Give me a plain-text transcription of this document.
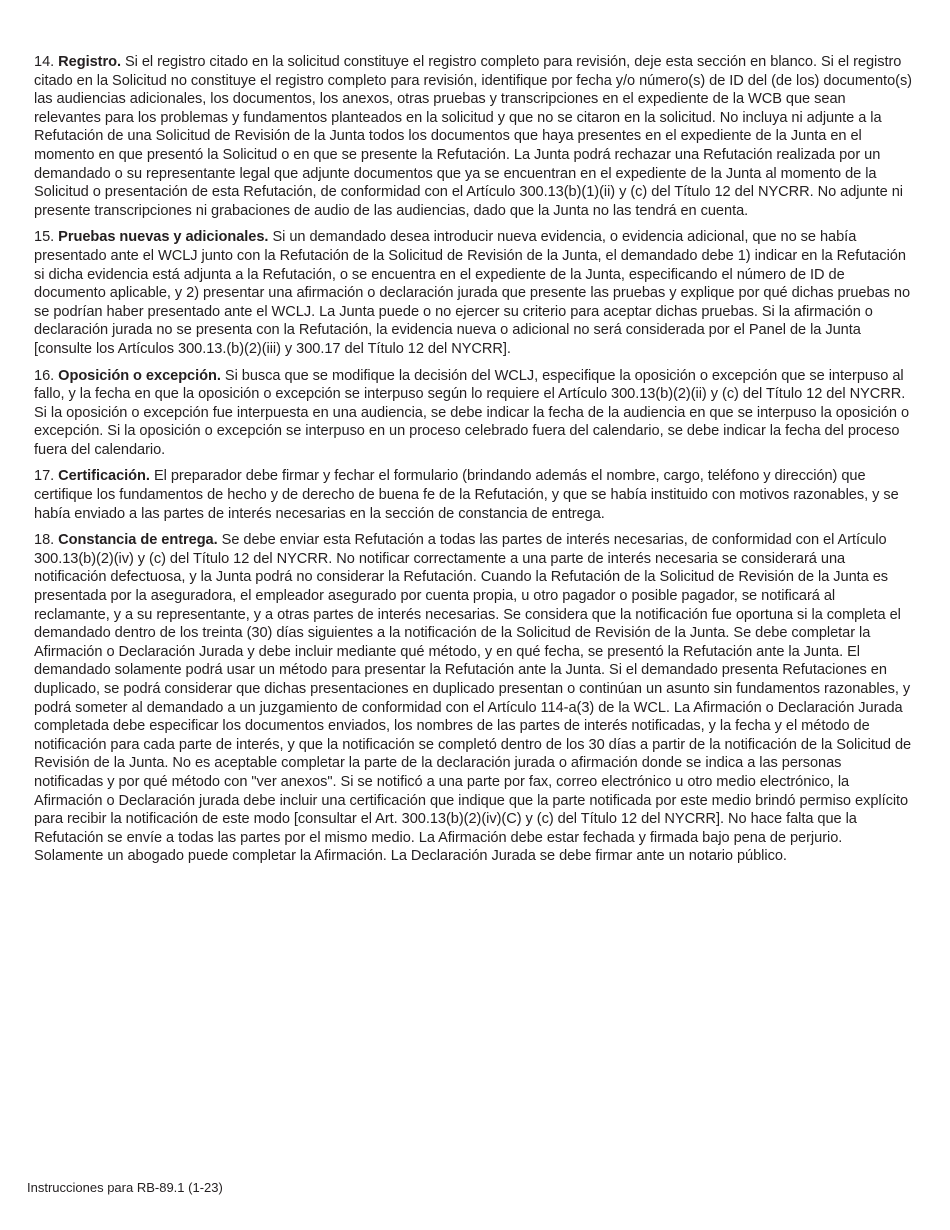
14. Registro. Si el registro citado en la solicitud constituye el registro completo para revisión, deje esta sección en blanco. Si el registro citado en la Solicitud no constituye el registro completo para revisión, identifique por fecha y/o número(s) de ID del (de los) documento(s) las audiencias adicionales, los documentos, los anexos, otras pruebas y transcripciones en el expediente de la WCB que sean relevantes para los problemas y fundamentos planteados en la solicitud y que no se citaron en la solicitud. No incluya ni adjunte a la Refutación de una Solicitud de Revisión de la Junta todos los documentos que haya presentes en el expediente de la Junta en el momento en que presentó la Solicitud o en que se presente la Refutación. La Junta podrá rechazar una Refutación realizada por un demandado o su representante legal que adjunte documentos que ya se encuentran en el expediente de la Junta al momento de la Solicitud o presentación de esta Refutación, de conformidad con el Artículo 300.13(b)(1)(ii) y (c) del Título 12 del NYCRR. No adjunte ni presente transcripciones ni grabaciones de audio de las audiencias, dado que la Junta no las tendrá en cuenta.

15. Pruebas nuevas y adicionales. Si un demandado desea introducir nueva evidencia, o evidencia adicional, que no se había presentado ante el WCLJ junto con la Refutación de la Solicitud de Revisión de la Junta, el demandado debe 1) indicar en la Refutación si dicha evidencia está adjunta a la Refutación, o se encuentra en el expediente de la Junta, especificando el número de ID de documento aplicable, y 2) presentar una afirmación o declaración jurada que presente las pruebas y explique por qué dichas pruebas no se podrían haber presentado ante el WCLJ. La Junta puede o no ejercer su criterio para aceptar dichas pruebas. Si la afirmación o declaración jurada no se presenta con la Refutación, la evidencia nueva o adicional no será considerada por el Panel de la Junta [consulte los Artículos 300.13.(b)(2)(iii) y 300.17 del Título 12 del NYCRR].

16. Oposición o excepción. Si busca que se modifique la decisión del WCLJ, especifique la oposición o excepción que se interpuso al fallo, y la fecha en que la oposición o excepción se interpuso según lo requiere el Artículo 300.13(b)(2)(ii) y (c) del Título 12 del NYCRR. Si la oposición o excepción fue interpuesta en una audiencia, se debe indicar la fecha de la audiencia en que se interpuso la oposición o excepción. Si la oposición o excepción se interpuso en un proceso celebrado fuera del calendario, se debe indicar la fecha del proceso fuera del calendario.

17. Certificación. El preparador debe firmar y fechar el formulario (brindando además el nombre, cargo, teléfono y dirección) que certifique los fundamentos de hecho y de derecho de buena fe de la Refutación, y que se había instituido con motivos razonables, y se había enviado a las partes de interés necesarias en la sección de constancia de entrega.

18. Constancia de entrega. Se debe enviar esta Refutación a todas las partes de interés necesarias, de conformidad con el Artículo 300.13(b)(2)(iv) y (c) del Título 12 del NYCRR. No notificar correctamente a una parte de interés necesaria se considerará una notificación defectuosa, y la Junta podrá no considerar la Refutación. Cuando la Refutación de la Solicitud de Revisión de la Junta es presentada por la aseguradora, el empleador asegurado por cuenta propia, u otro pagador o posible pagador, se notificará al reclamante, y a su representante, y a otras partes de interés necesarias. Se considera que la notificación fue oportuna si la completa el demandado dentro de los treinta (30) días siguientes a la notificación de la Solicitud de Revisión de la Junta. Se debe completar la Afirmación o Declaración Jurada y debe incluir mediante qué método, y en qué fecha, se presentó la Refutación ante la Junta. El demandado solamente podrá usar un método para presentar la Refutación ante la Junta. Si el demandado presenta Refutaciones en duplicado, se podrá considerar que dichas presentaciones en duplicado presentan o continúan un asunto sin fundamentos razonables, y podrá someter al demandado a un juzgamiento de conformidad con el Artículo 114-a(3) de la WCL. La Afirmación o Declaración Jurada completada debe especificar los documentos enviados, los nombres de las partes de interés notificadas, y la fecha y el método de notificación para cada parte de interés, y que la notificación se completó dentro de los 30 días a partir de la notificación de la Solicitud de Revisión de la Junta. No es aceptable completar la parte de la declaración jurada o afirmación donde se indica a las personas notificadas y por qué método con "ver anexos". Si se notificó a una parte por fax, correo electrónico u otro medio electrónico, la Afirmación o Declaración jurada debe incluir una certificación que indique que la parte notificada por este medio brindó permiso explícito para recibir la notificación de este modo [consultar el Art. 300.13(b)(2)(iv)(C) y (c) del Título 12 del NYCRR]. No hace falta que la Refutación se envíe a todas las partes por el mismo medio. La Afirmación debe estar fechada y firmada bajo pena de perjurio. Solamente un abogado puede completar la Afirmación. La Declaración Jurada se debe firmar ante un notario público.

Instrucciones para RB-89.1 (1-23)
